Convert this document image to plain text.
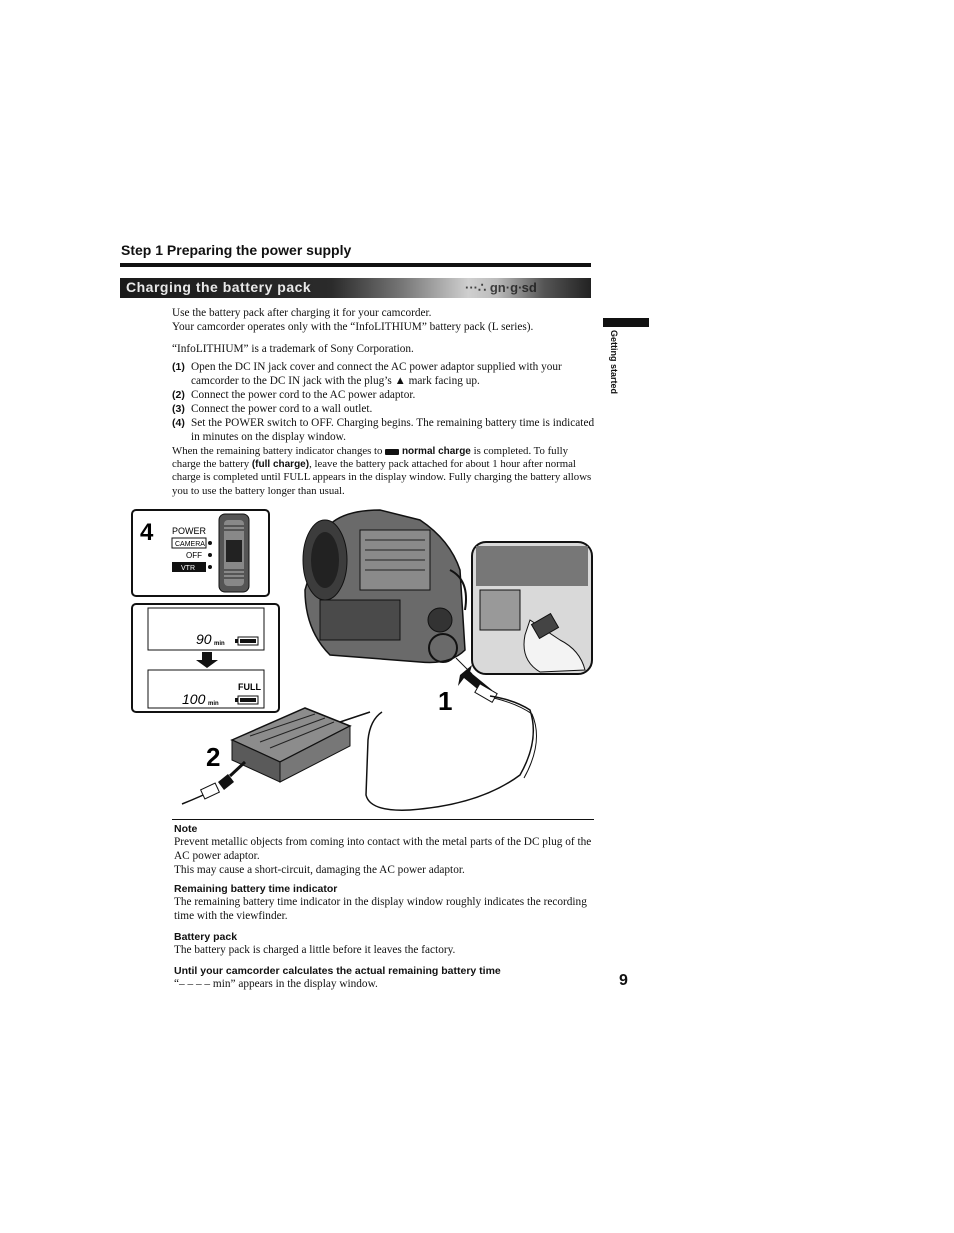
Step 1 Preparing the power supply
Charging the battery pack	···∴ gn·g∙sd
Getting started
Use the battery pack after charging it for your camcorder.
Your camcorder operates only with the “InfoLITHIUM” battery pack (L series).
“InfoLITHIUM” is a trademark of Sony Corporation.
(1) Open the DC IN jack cover and connect the AC power adaptor supplied with your camcorder to the DC IN jack with the plug’s ▲ mark facing up.
(2) Connect the power cord to the AC power adaptor.
(3) Connect the power cord to a wall outlet.
(4) Set the POWER switch to OFF. Charging begins. The remaining battery time is indicated in minutes on the display window.
When the remaining battery indicator changes to  normal charge is completed. To fully charge the battery (full charge), leave the battery pack attached for about 1 hour after normal charge is completed until FULL appears in the display window. Fully charging the battery allows you to use the battery longer than usual.
4 POWER
CAMERA
OFF
VTR
90 min
FULL
100 min	1
2
Note
Prevent metallic objects from coming into contact with the metal parts of the DC plug of the AC power adaptor.
This may cause a short-circuit, damaging the AC power adaptor.
Remaining battery time indicator
The remaining battery time indicator in the display window roughly indicates the recording time with the viewfinder.
Battery pack
The battery pack is charged a little before it leaves the factory.
Until your camcorder calculates the actual remaining battery time
“– – – – min” appears in the display window.	9
